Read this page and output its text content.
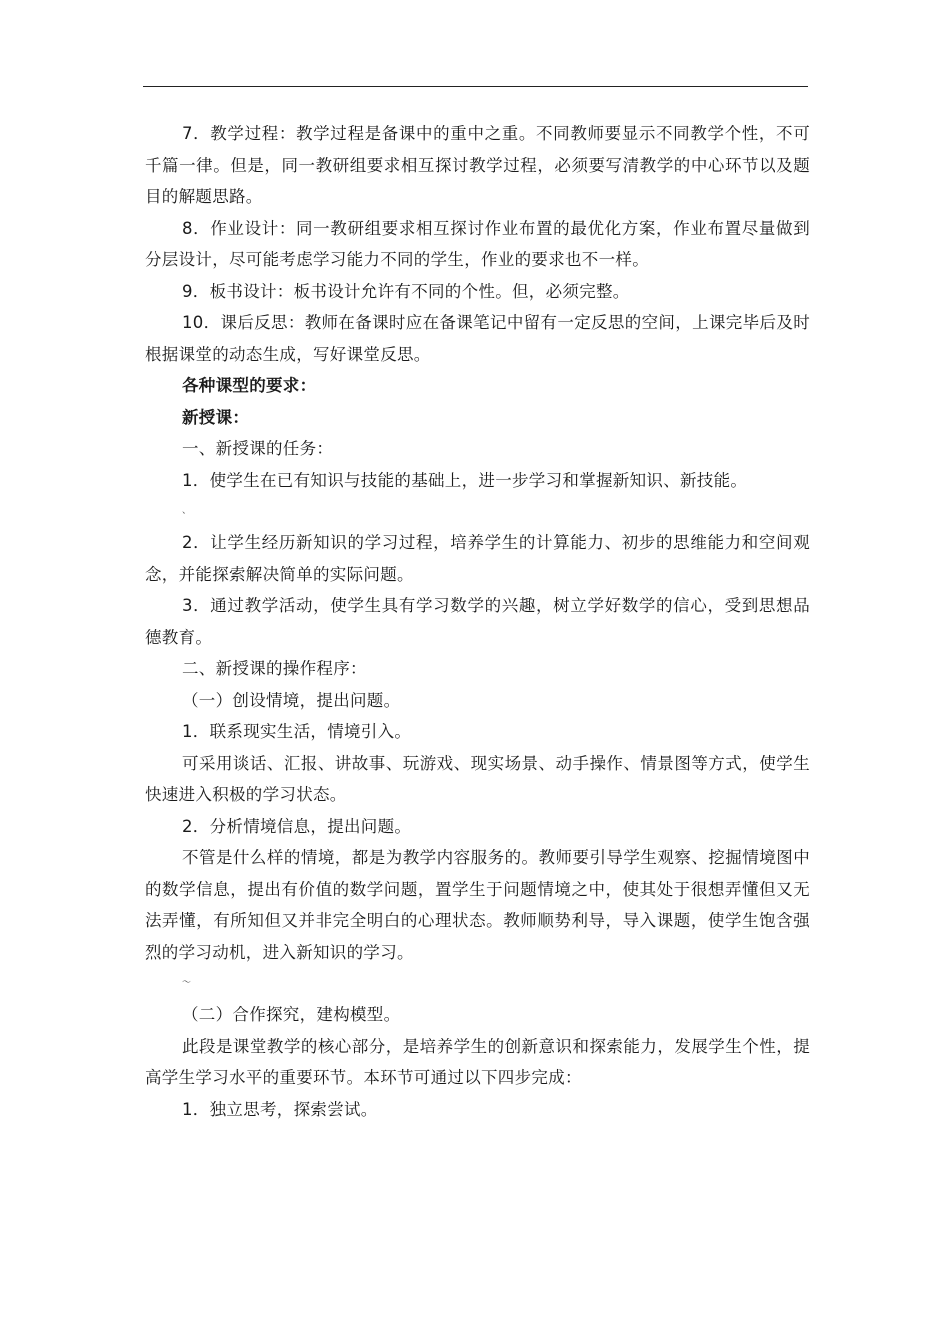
7．教学过程：教学过程是备课中的重中之重。不同教师要显示不同教学个性，不可千篇一律。但是，同一教研组要求相互探讨教学过程，必须要写清教学的中心环节以及题目的解题思路。

8．作业设计：同一教研组要求相互探讨作业布置的最优化方案，作业布置尽量做到分层设计，尽可能考虑学习能力不同的学生，作业的要求也不一样。

9．板书设计：板书设计允许有不同的个性。但，必须完整。

10．课后反思：教师在备课时应在备课笔记中留有一定反思的空间，上课完毕后及时根据课堂的动态生成，写好课堂反思。

各种课型的要求：

新授课：

一、新授课的任务：

1．使学生在已有知识与技能的基础上，进一步学习和掌握新知识、新技能。

、

2．让学生经历新知识的学习过程，培养学生的计算能力、初步的思维能力和空间观念，并能探索解决简单的实际问题。

3．通过教学活动，使学生具有学习数学的兴趣，树立学好数学的信心，受到思想品德教育。

二、新授课的操作程序：

（一）创设情境，提出问题。

1．联系现实生活，情境引入。

可采用谈话、汇报、讲故事、玩游戏、现实场景、动手操作、情景图等方式，使学生快速进入积极的学习状态。

2．分析情境信息，提出问题。

不管是什么样的情境，都是为教学内容服务的。教师要引导学生观察、挖掘情境图中的数学信息，提出有价值的数学问题，置学生于问题情境之中，使其处于很想弄懂但又无法弄懂，有所知但又并非完全明白的心理状态。教师顺势利导，导入课题，使学生饱含强烈的学习动机，进入新知识的学习。

～

（二）合作探究，建构模型。

此段是课堂教学的核心部分，是培养学生的创新意识和探索能力，发展学生个性，提高学生学习水平的重要环节。本环节可通过以下四步完成：

1．独立思考，探索尝试。
